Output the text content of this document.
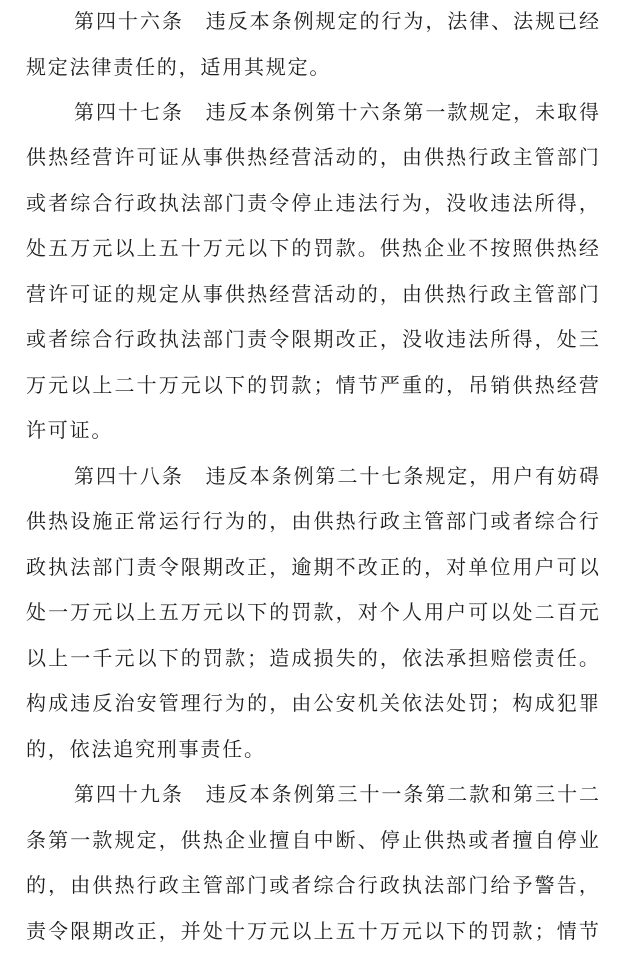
第四十六条　违反本条例规定的行为，法律、法规已经
规定法律责任的，适用其规定。
第四十七条　违反本条例第十六条第一款规定，未取得
供热经营许可证从事供热经营活动的，由供热行政主管部门
或者综合行政执法部门责令停止违法行为，没收违法所得，
处五万元以上五十万元以下的罚款。供热企业不按照供热经
营许可证的规定从事供热经营活动的，由供热行政主管部门
或者综合行政执法部门责令限期改正，没收违法所得，处三
万元以上二十万元以下的罚款；情节严重的，吊销供热经营
许可证。
第四十八条　违反本条例第二十七条规定，用户有妨碍
供热设施正常运行行为的，由供热行政主管部门或者综合行
政执法部门责令限期改正，逾期不改正的，对单位用户可以
处一万元以上五万元以下的罚款，对个人用户可以处二百元
以上一千元以下的罚款；造成损失的，依法承担赔偿责任。
构成违反治安管理行为的，由公安机关依法处罚；构成犯罪
的，依法追究刑事责任。
第四十九条　违反本条例第三十一条第二款和第三十二
条第一款规定，供热企业擅自中断、停止供热或者擅自停业
的，由供热行政主管部门或者综合行政执法部门给予警告，
责令限期改正，并处十万元以上五十万元以下的罚款；情节
